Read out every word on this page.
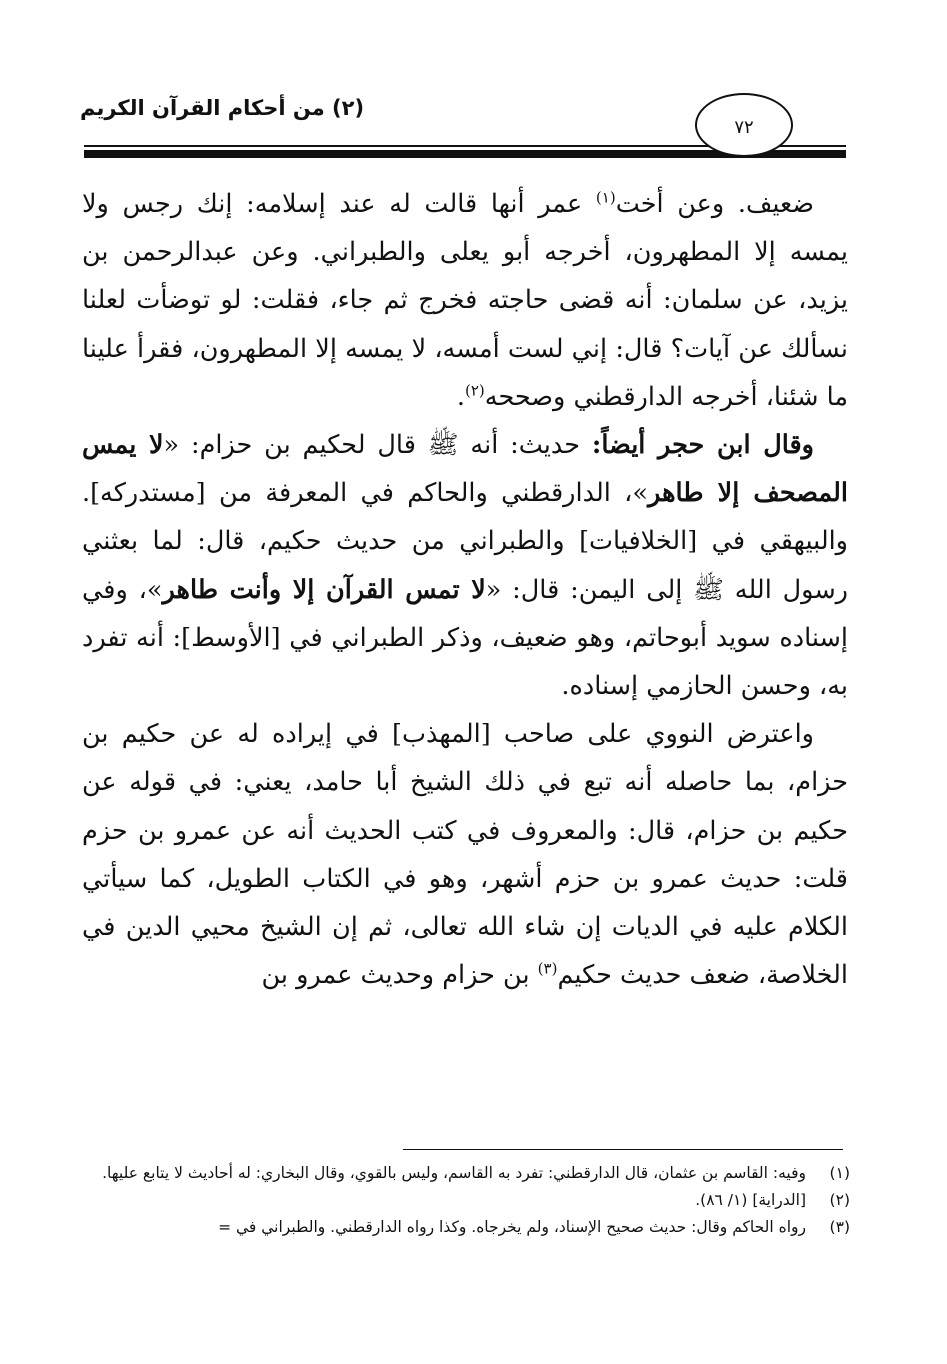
(٢) من أحكام القرآن الكريم
٧٢

ضعيف. وعن أخت$^{(١)}$ عمر أنها قالت له عند إسلامه: إنك رجس ولا يمسه إلا المطهرون، أخرجه أبو يعلى والطبراني. وعن عبدالرحمن بن يزيد، عن سلمان: أنه قضى حاجته فخرج ثم جاء، فقلت: لو توضأت لعلنا نسألك عن آيات؟ قال: إني لست أمسه، لا يمسه إلا المطهرون، فقرأ علينا ما شئنا، أخرجه الدارقطني وصححه$^{(٢)}$.

وقال ابن حجر أيضاً: حديث: أنه ﷺ قال لحكيم بن حزام: «لا يمس المصحف إلا طاهر»، الدارقطني والحاكم في المعرفة من [مستدركه]. والبيهقي في [الخلافيات] والطبراني من حديث حكيم، قال: لما بعثني رسول الله ﷺ إلى اليمن: قال: «لا تمس القرآن إلا وأنت طاهر»، وفي إسناده سويد أبوحاتم، وهو ضعيف، وذكر الطبراني في [الأوسط]: أنه تفرد به، وحسن الحازمي إسناده.

واعترض النووي على صاحب [المهذب] في إيراده له عن حكيم بن حزام، بما حاصله أنه تبع في ذلك الشيخ أبا حامد، يعني: في قوله عن حكيم بن حزام، قال: والمعروف في كتب الحديث أنه عن عمرو بن حزم قلت: حديث عمرو بن حزم أشهر، وهو في الكتاب الطويل، كما سيأتي الكلام عليه في الديات إن شاء الله تعالى، ثم إن الشيخ محيي الدين في الخلاصة، ضعف حديث حكيم$^{(٣)}$ بن حزام وحديث عمرو بن

(١)
وفيه: القاسم بن عثمان، قال الدارقطني: تفرد به القاسم، وليس بالقوي، وقال البخاري: له أحاديث لا يتابع عليها.
(٢)
[الدراية] (١/ ٨٦).
(٣)
رواه الحاكم وقال: حديث صحيح الإسناد، ولم يخرجاه. وكذا رواه الدارقطني. والطبراني في =
